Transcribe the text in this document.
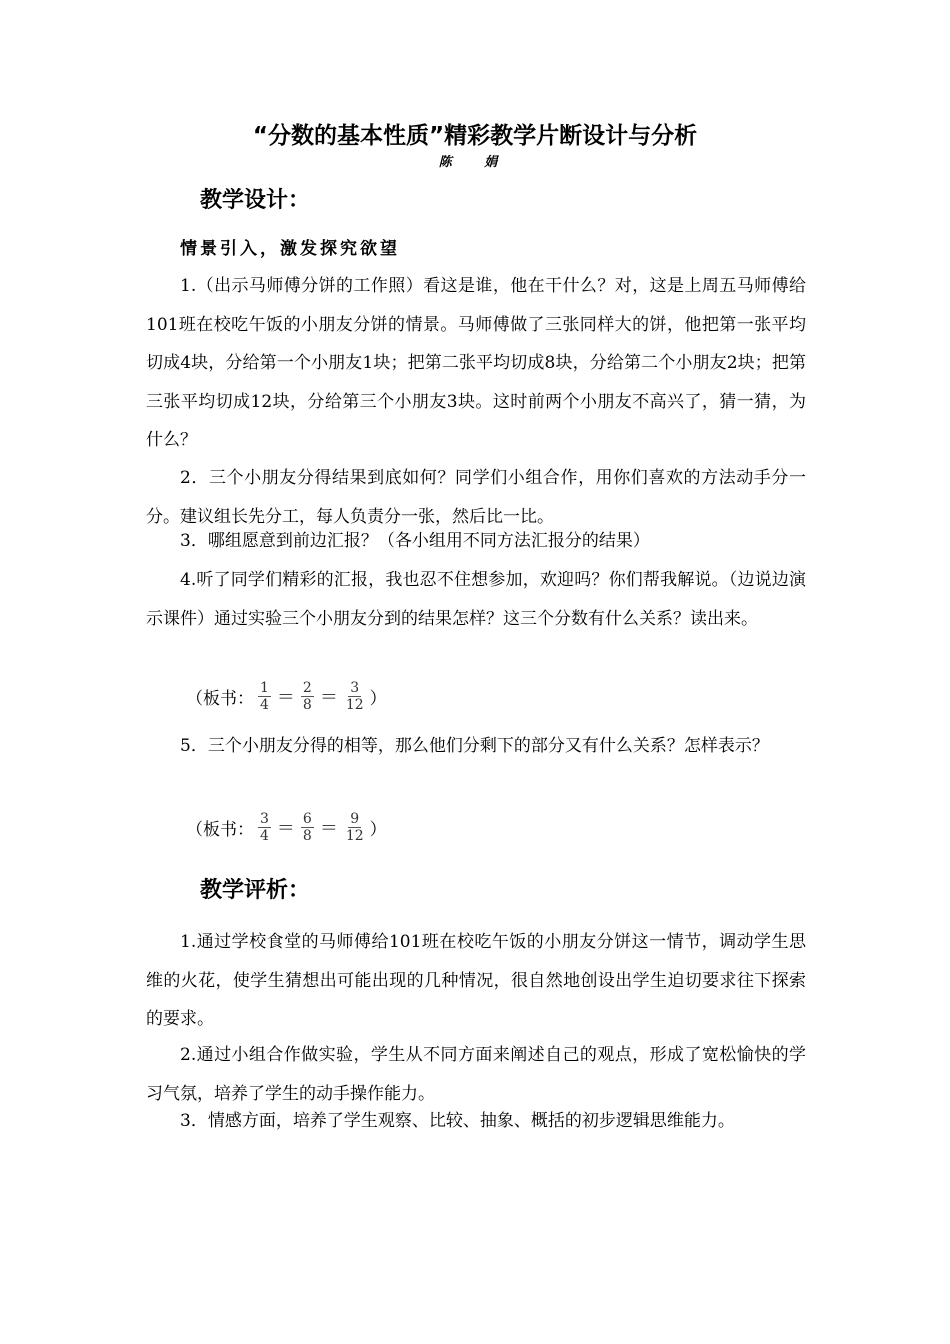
“分数的基本性质”精彩教学片断设计与分析
陈 娟
教学设计：
情景引入，激发探究欲望

1.（出示马师傅分饼的工作照）看这是谁，他在干什么？对，这是上周五马师傅给101班在校吃午饭的小朋友分饼的情景。马师傅做了三张同样大的饼，他把第一张平均切成4块，分给第一个小朋友1块；把第二张平均切成8块，分给第二个小朋友2块；把第三张平均切成12块，分给第三个小朋友3块。这时前两个小朋友不高兴了，猜一猜，为什么？

2．三个小朋友分得结果到底如何？同学们小组合作，用你们喜欢的方法动手分一分。建议组长先分工，每人负责分一张，然后比一比。

3．哪组愿意到前边汇报？（各小组用不同方法汇报分的结果）

4.听了同学们精彩的汇报，我也忍不住想参加，欢迎吗？你们帮我解说。（边说边演示课件）通过实验三个小朋友分到的结果怎样？这三个分数有什么关系？读出来。

（板书： $\frac{1}{4} = \frac{2}{8} = \frac{3}{12}$ ）

5．三个小朋友分得的相等，那么他们分剩下的部分又有什么关系？怎样表示？

（板书： $\frac{3}{4} = \frac{6}{8} = \frac{9}{12}$ ）
教学评析：

1.通过学校食堂的马师傅给101班在校吃午饭的小朋友分饼这一情节，调动学生思维的火花，使学生猜想出可能出现的几种情况，很自然地创设出学生迫切要求往下探索的要求。

2.通过小组合作做实验，学生从不同方面来阐述自己的观点，形成了宽松愉快的学习气氛，培养了学生的动手操作能力。

3．情感方面，培养了学生观察、比较、抽象、概括的初步逻辑思维能力。
